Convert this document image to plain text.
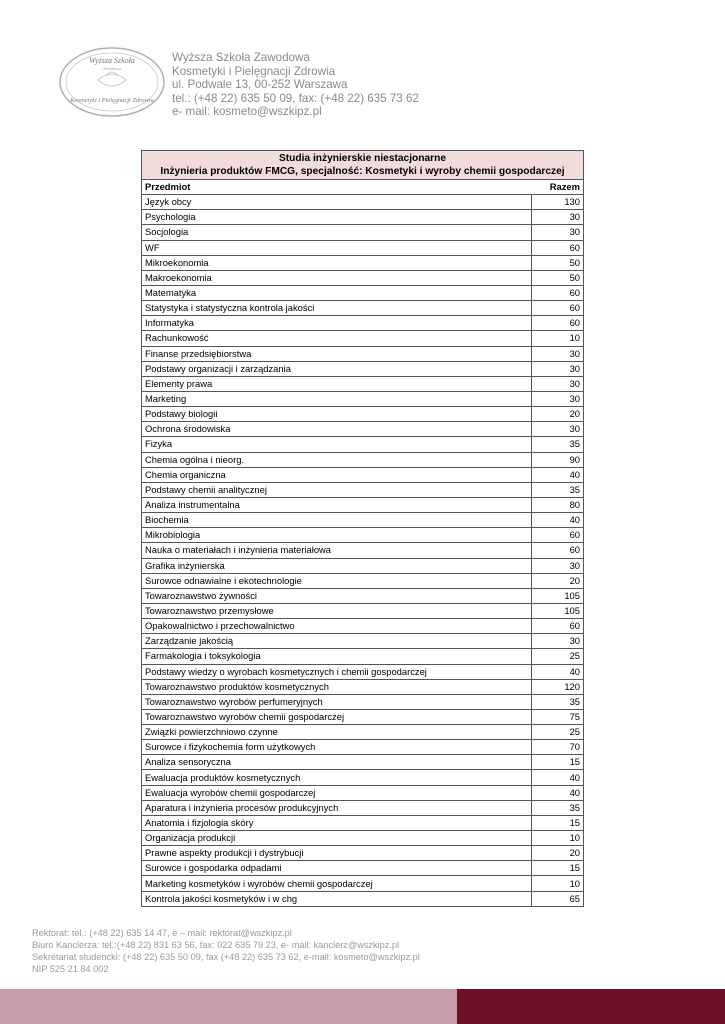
Wyższa Szkoła
Zawodowa
Kosmetyki i Pielęgnacji Zdrowia
Wyższa Szkoła Zawodowa
Kosmetyki i Pielęgnacji Zdrowia
ul. Podwale 13, 00-252 Warszawa
tel.: (+48 22) 635 50 09, fax: (+48 22) 635 73 62
e- mail: kosmeto@wszkipz.pl
Studia inżynierskie niestacjonarne
Inżynieria produktów FMCG, specjalność: Kosmetyki i wyroby chemii gospodarczej
Przedmiot	Razem
Język obcy	130
Psychologia	30
Socjologia	30
WF	60
Mikroekonomia	50
Makroekonomia	50
Matematyka	60
Statystyka i statystyczna kontrola jakości	60
Informatyka	60
Rachunkowość	10
Finanse przedsiębiorstwa	30
Podstawy organizacji i zarządzania	30
Elementy prawa	30
Marketing	30
Podstawy biologii	20
Ochrona środowiska	30
Fizyka	35
Chemia ogólna i nieorg.	90
Chemia organiczna	40
Podstawy chemii analitycznej	35
Analiza instrumentalna	80
Biochemia	40
Mikrobiologia	60
Nauka o materiałach i inżynieria materiałowa	60
Grafika inżynierska	30
Surowce odnawialne i ekotechnologie	20
Towaroznawstwo żywności	105
Towaroznawstwo przemysłowe	105
Opakowalnictwo i przechowalnictwo	60
Zarządzanie jakością	30
Farmakologia i toksykologia	25
Podstawy wiedzy o wyrobach kosmetycznych i chemii gospodarczej	40
Towaroznawstwo produktów kosmetycznych	120
Towaroznawstwo wyrobów perfumeryjnych	35
Towaroznawstwo wyrobów chemii gospodarczej	75
Związki powierzchniowo czynne	25
Surowce i fizykochemia form użytkowych	70
Analiza sensoryczna	15
Ewaluacja produktów kosmetycznych	40
Ewaluacja wyrobów chemii gospodarczej	40
Aparatura i inżynieria procesów produkcyjnych	35
Anatomia i fizjologia skóry	15
Organizacja produkcji	10
Prawne aspekty produkcji i dystrybucji	20
Surowce i gospodarka odpadami	15
Marketing kosmetyków i wyrobów chemii gospodarczej	10
Kontrola jakości kosmetyków i w chg	65
Rektorat: tel.: (+48 22) 635 14 47, e – mail: rektorat@wszkipz.pl
Biuro Kanclerza: tel.:(+48 22) 831 63 56, fax: 022 635 79 23, e- mail: kanclerz@wszkipz.pl
Sekretariat studencki: (+48 22) 635 50 09, fax (+48 22) 635 73 62, e-mail: kosmeto@wszkipz.pl
NIP 525 21 84 002
